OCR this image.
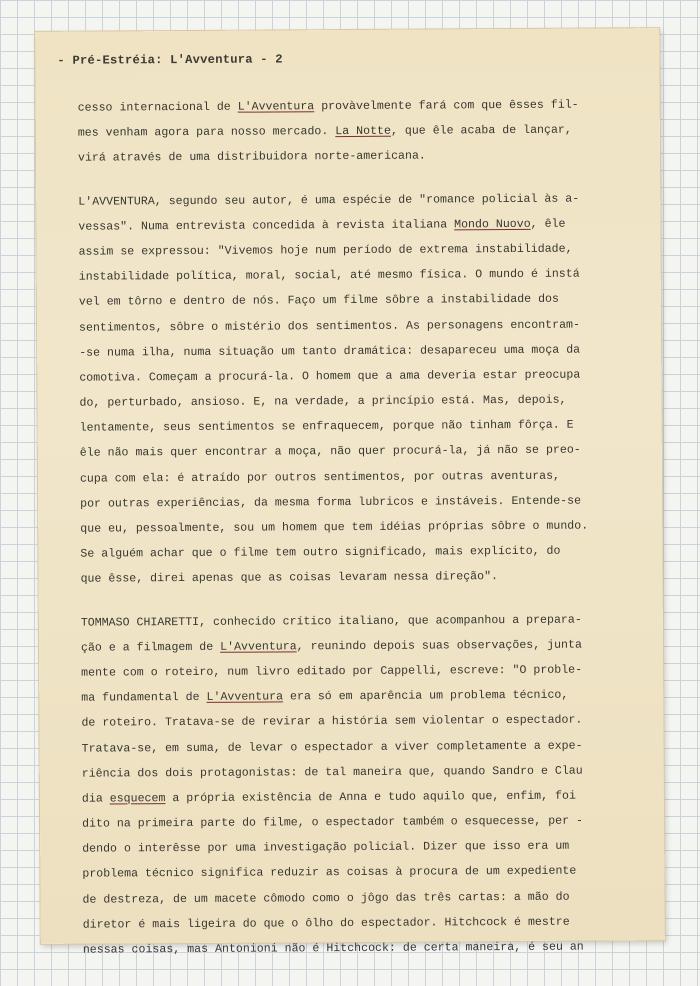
- Pré-Estréia: L'Avventura - 2

cesso internacional de L'Avventura provàvelmente fará com que êsses fil-
mes venham agora para nosso mercado. La Notte, que êle acaba de lançar,
virá através de uma distribuidora norte-americana.

L'AVVENTURA, segundo seu autor, é uma espécie de "romance policial às a-
vessas". Numa entrevista concedida à revista italiana Mondo Nuovo, êle
assim se expressou: "Vivemos hoje num período de extrema instabilidade,
instabilidade política, moral, social, até mesmo física. O mundo é instá
vel em tôrno e dentro de nós. Faço um filme sôbre a instabilidade dos
sentimentos, sôbre o mistério dos sentimentos. As personagens encontram-
-se numa ilha, numa situação um tanto dramática: desapareceu uma moça da
comotiva. Começam a procurá-la. O homem que a ama deveria estar preocupa
do, perturbado, ansioso. E, na verdade, a princípio está. Mas, depois,
lentamente, seus sentimentos se enfraquecem, porque não tinham fôrça. E
êle não mais quer encontrar a moça, não quer procurá-la, já não se preo-
cupa com ela: é atraído por outros sentimentos, por outras aventuras,
por outras experiências, da mesma forma lubricos e instáveis. Entende-se
que eu, pessoalmente, sou um homem que tem idéias próprias sôbre o mundo.
Se alguém achar que o filme tem outro significado, mais explícito, do
que êsse, direi apenas que as coisas levaram nessa direção".

TOMMASO CHIARETTI, conhecido crítico italiano, que acompanhou a prepara-
ção e a filmagem de L'Avventura, reunindo depois suas observações, junta
mente com o roteiro, num livro editado por Cappelli, escreve: "O proble-
ma fundamental de L'Avventura era só em aparência um problema técnico,
de roteiro. Tratava-se de revirar a história sem violentar o espectador.
Tratava-se, em suma, de levar o espectador a viver completamente a expe-
riência dos dois protagonistas: de tal maneira que, quando Sandro e Clau
dia esquecem a própria existência de Anna e tudo aquilo que, enfim, foi
dito na primeira parte do filme, o espectador também o esquecesse, per -
dendo o interêsse por uma investigação policial. Dizer que isso era um
problema técnico significa reduzir as coisas à procura de um expediente
de destreza, de um macete cômodo como o jôgo das três cartas: a mão do
diretor é mais ligeira do que o ôlho do espectador. Hitchcock é mestre
nessas coisas, mas Antonioni não é Hitchcock: de certa maneira, é seu an
